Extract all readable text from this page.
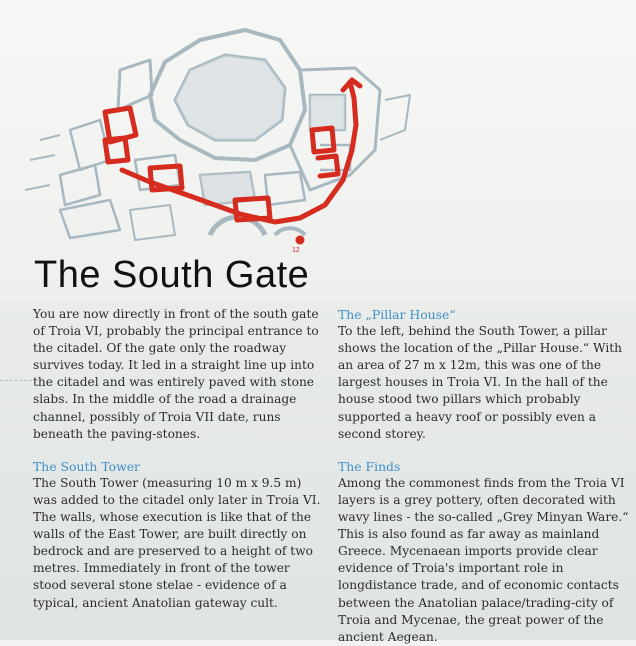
12
The South Gate

You are now directly in front of the south gate of Troia VI, probably the principal entrance to the citadel. Of the gate only the roadway survives today. It led in a straight line up into the citadel and was entirely paved with stone slabs. In the middle of the road a drainage channel, possibly of Troia VII date, runs beneath the paving-stones.

The South Tower

The South Tower (measuring 10 m x 9.5 m) was added to the citadel only later in Troia VI. The walls, whose execution is like that of the walls of the East Tower, are built directly on bedrock and are preserved to a height of two metres. Immediately in front of the tower stood several stone stelae - evidence of a typical, ancient Anatolian gateway cult.

The „Pillar House“

To the left, behind the South Tower, a pillar shows the location of the „Pillar House.“ With an area of 27 m x 12m, this was one of the largest houses in Troia VI. In the hall of the house stood two pillars which probably supported a heavy roof or possibly even a second storey.

The Finds

Among the commonest finds from the Troia VI layers is a grey pottery, often decorated with wavy lines - the so-called „Grey Minyan Ware.“ This is also found as far away as mainland Greece. Mycenaean imports provide clear evidence of Troia's important role in longdistance trade, and of economic contacts between the Anatolian palace/trading-city of Troia and Mycenae, the great power of the ancient Aegean.
